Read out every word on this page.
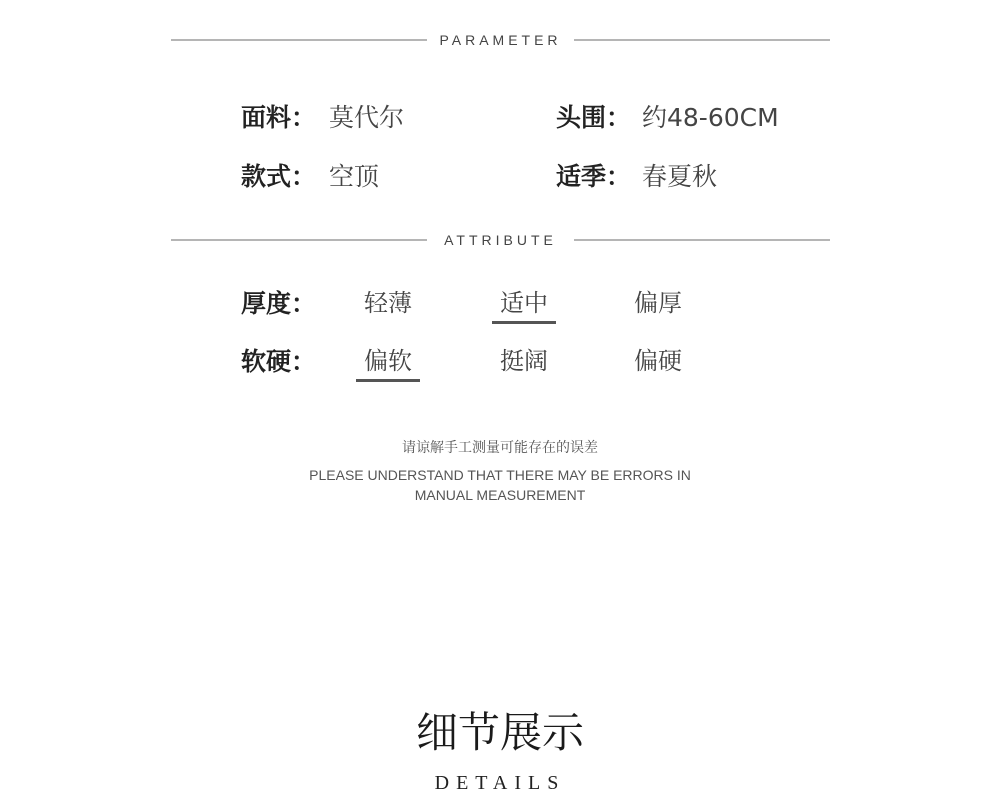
PARAMETER
面料： 莫代尔	头围： 约48-60CM
款式： 空顶	适季： 春夏秋
ATTRIBUTE
厚度： 轻薄	适中	偏厚
软硬： 偏软	挺阔	偏硬
请谅解手工测量可能存在的误差
PLEASE UNDERSTAND THAT THERE MAY BE ERRORS IN MANUAL MEASUREMENT
细节展示
DETAILS
